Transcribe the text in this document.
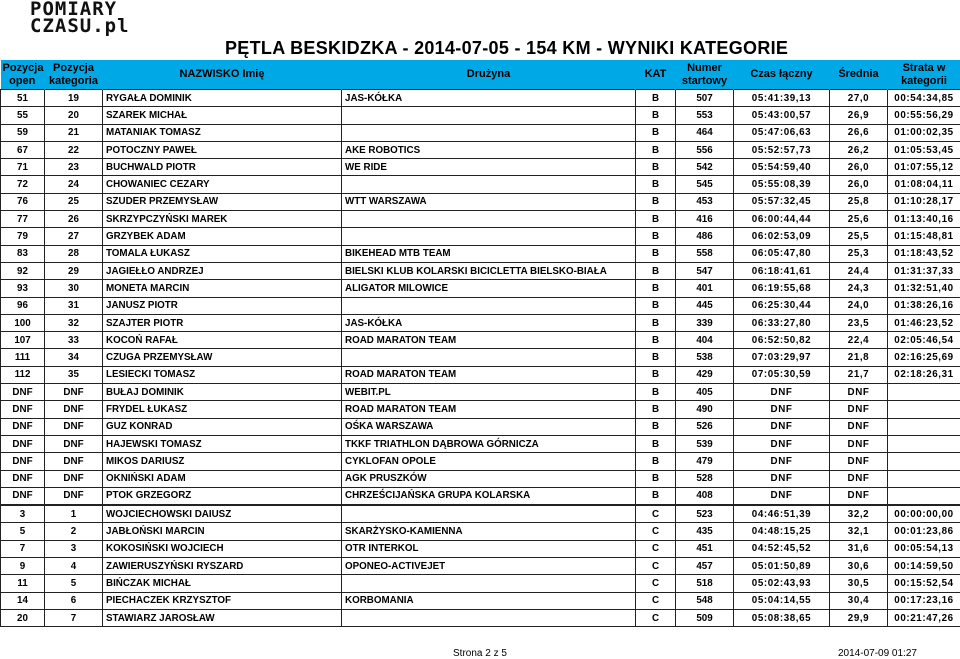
POMIARY
CZASU.pl
PĘTLA BESKIDZKA - 2014-07-05 - 154 KM - WYNIKI KATEGORIE
Pozycja
open	Pozycja
kategoria	NAZWISKO Imię	Drużyna	KAT	Numer
startowy	Czas łączny	Średnia	Strata w
kategorii
51	19	RYGAŁA DOMINIK	JAS-KÓŁKA	B	507	05:41:39,13	27,0	00:54:34,85
55	20	SZAREK MICHAŁ		B	553	05:43:00,57	26,9	00:55:56,29
59	21	MATANIAK TOMASZ		B	464	05:47:06,63	26,6	01:00:02,35
67	22	POTOCZNY PAWEŁ	AKE ROBOTICS	B	556	05:52:57,73	26,2	01:05:53,45
71	23	BUCHWALD PIOTR	WE RIDE	B	542	05:54:59,40	26,0	01:07:55,12
72	24	CHOWANIEC CEZARY		B	545	05:55:08,39	26,0	01:08:04,11
76	25	SZUDER PRZEMYSŁAW	WTT WARSZAWA	B	453	05:57:32,45	25,8	01:10:28,17
77	26	SKRZYPCZYŃSKI MAREK		B	416	06:00:44,44	25,6	01:13:40,16
79	27	GRZYBEK ADAM		B	486	06:02:53,09	25,5	01:15:48,81
83	28	TOMALA ŁUKASZ	BIKEHEAD MTB TEAM	B	558	06:05:47,80	25,3	01:18:43,52
92	29	JAGIEŁŁO ANDRZEJ	BIELSKI KLUB KOLARSKI BICICLETTA BIELSKO-BIAŁA	B	547	06:18:41,61	24,4	01:31:37,33
93	30	MONETA MARCIN	ALIGATOR MILOWICE	B	401	06:19:55,68	24,3	01:32:51,40
96	31	JANUSZ PIOTR		B	445	06:25:30,44	24,0	01:38:26,16
100	32	SZAJTER PIOTR	JAS-KÓŁKA	B	339	06:33:27,80	23,5	01:46:23,52
107	33	KOCOŃ RAFAŁ	ROAD MARATON TEAM	B	404	06:52:50,82	22,4	02:05:46,54
111	34	CZUGA PRZEMYSŁAW		B	538	07:03:29,97	21,8	02:16:25,69
112	35	LESIECKI TOMASZ	ROAD MARATON TEAM	B	429	07:05:30,59	21,7	02:18:26,31
DNF	DNF	BUŁAJ DOMINIK	WEBIT.PL	B	405	DNF	DNF	
DNF	DNF	FRYDEL ŁUKASZ	ROAD MARATON TEAM	B	490	DNF	DNF	
DNF	DNF	GUZ KONRAD	OŚKA WARSZAWA	B	526	DNF	DNF	
DNF	DNF	HAJEWSKI TOMASZ	TKKF TRIATHLON DĄBROWA GÓRNICZA	B	539	DNF	DNF	
DNF	DNF	MIKOS DARIUSZ	CYKLOFAN OPOLE	B	479	DNF	DNF	
DNF	DNF	OKNIŃSKI ADAM	AGK PRUSZKÓW	B	528	DNF	DNF	
DNF	DNF	PTOK GRZEGORZ	CHRZEŚCIJAŃSKA GRUPA KOLARSKA	B	408	DNF	DNF	
3	1	WOJCIECHOWSKI DAIUSZ		C	523	04:46:51,39	32,2	00:00:00,00
5	2	JABŁOŃSKI MARCIN	SKARŻYSKO-KAMIENNA	C	435	04:48:15,25	32,1	00:01:23,86
7	3	KOKOSIŃSKI WOJCIECH	OTR INTERKOL	C	451	04:52:45,52	31,6	00:05:54,13
9	4	ZAWIERUSZYŃSKI RYSZARD	OPONEO-ACTIVEJET	C	457	05:01:50,89	30,6	00:14:59,50
11	5	BIŃCZAK MICHAŁ		C	518	05:02:43,93	30,5	00:15:52,54
14	6	PIECHACZEK KRZYSZTOF	KORBOMANIA	C	548	05:04:14,55	30,4	00:17:23,16
20	7	STAWIARZ JAROSŁAW		C	509	05:08:38,65	29,9	00:21:47,26
Strona 2 z 5	2014-07-09 01:27
